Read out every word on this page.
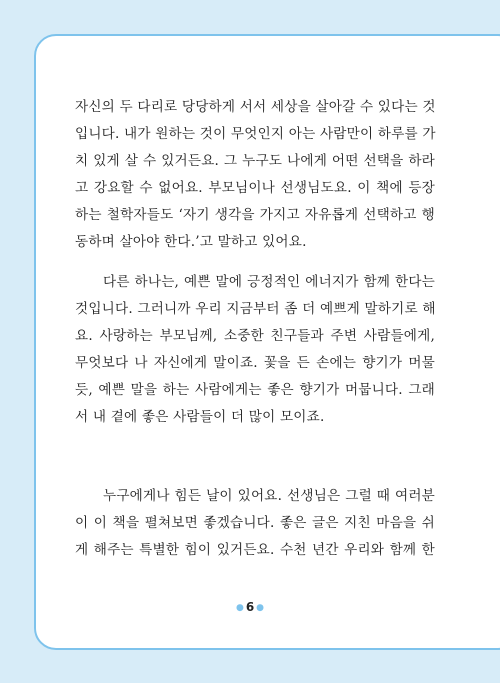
자신의 두 다리로 당당하게 서서 세상을 살아갈 수 있다는 것
입니다. 내가 원하는 것이 무엇인지 아는 사람만이 하루를 가
치 있게 살 수 있거든요. 그 누구도 나에게 어떤 선택을 하라
고 강요할 수 없어요. 부모님이나 선생님도요. 이 책에 등장
하는 철학자들도 ‘자기 생각을 가지고 자유롭게 선택하고 행
동하며 살아야 한다.’고 말하고 있어요.
다른 하나는, 예쁜 말에 긍정적인 에너지가 함께 한다는
것입니다. 그러니까 우리 지금부터 좀 더 예쁘게 말하기로 해
요. 사랑하는 부모님께, 소중한 친구들과 주변 사람들에게,
무엇보다 나 자신에게 말이죠. 꽃을 든 손에는 향기가 머물
듯, 예쁜 말을 하는 사람에게는 좋은 향기가 머뭅니다. 그래
서 내 곁에 좋은 사람들이 더 많이 모이죠.
누구에게나 힘든 날이 있어요. 선생님은 그럴 때 여러분
이 이 책을 펼쳐보면 좋겠습니다. 좋은 글은 지친 마음을 쉬
게 해주는 특별한 힘이 있거든요. 수천 년간 우리와 함께 한
● 6 ●
